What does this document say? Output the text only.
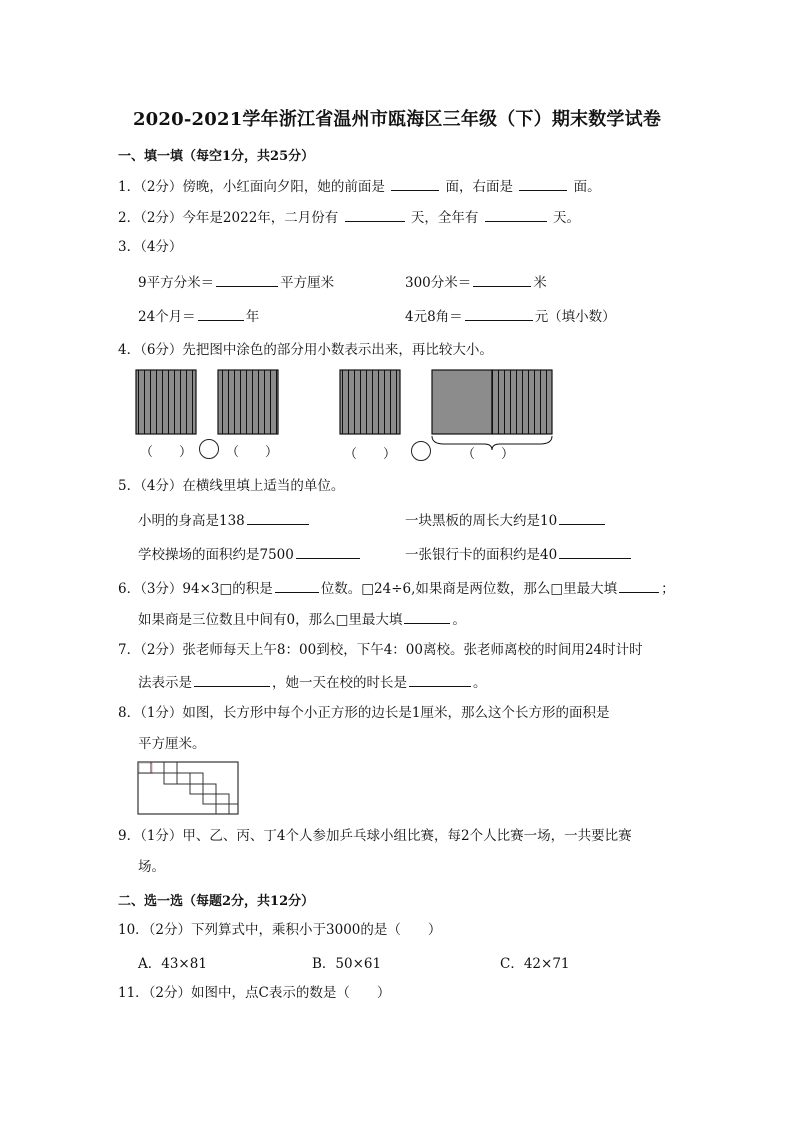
2020-2021学年浙江省温州市瓯海区三年级（下）期末数学试卷
一、填一填（每空1分，共25分）
1．（2分）傍晚，小红面向夕阳，她的前面是	面，右面是	面。
2．（2分）今年是2022年，二月份有	天，全年有	天。
3．（4分）
9平方分米＝	平方厘米	300分米＝	米
24个月＝	年	4元8角＝	元（填小数）
4．（6分）先把图中涂色的部分用小数表示出来，再比较大小。
（　　）	（　　）	（　　）	（　　）
5．（4分）在横线里填上适当的单位。
小明的身高是138	一块黑板的周长大约是10
学校操场的面积约是7500	一张银行卡的面积约是40
6．（3分）94×3□的积是	位数。□24÷6,如果商是两位数，那么□里最大填	；
如果商是三位数且中间有0，那么□里最大填	。
7．（2分）张老师每天上午8：00到校，下午4：00离校。张老师离校的时间用24时计时
法表示是	，她一天在校的时长是	。
8．（1分）如图，长方形中每个小正方形的边长是1厘米，那么这个长方形的面积是
平方厘米。
9．（1分）甲、乙、丙、丁4个人参加乒乓球小组比赛，每2个人比赛一场，一共要比赛
场。
二、选一选（每题2分，共12分）
10．（2分）下列算式中，乘积小于3000的是（　　）
A．43×81	B．50×61	C．42×71
11．（2分）如图中，点C表示的数是（　　）
